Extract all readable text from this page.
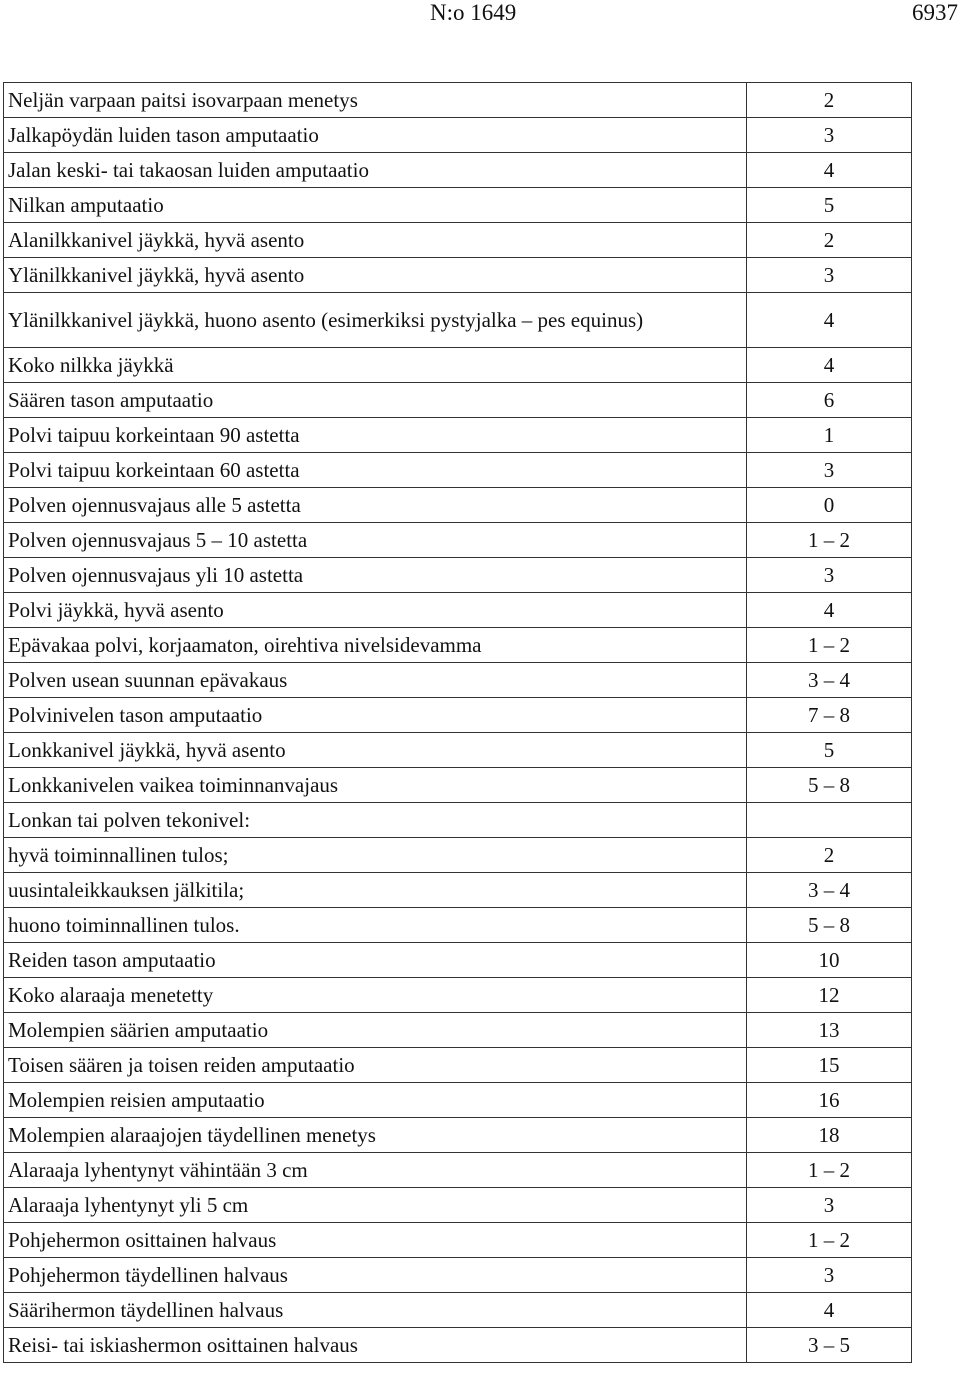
N:o 1649	6937
Neljän varpaan paitsi isovarpaan menetys	2
Jalkapöydän luiden tason amputaatio	3
Jalan keski- tai takaosan luiden amputaatio	4
Nilkan amputaatio	5
Alanilkkanivel jäykkä, hyvä asento	2
Ylänilkkanivel jäykkä, hyvä asento	3
Ylänilkkanivel jäykkä, huono asento (esimerkiksi pystyjalka – pes equinus)	4
Koko nilkka jäykkä	4
Säären tason amputaatio	6
Polvi taipuu korkeintaan 90 astetta	1
Polvi taipuu korkeintaan 60 astetta	3
Polven ojennusvajaus alle 5 astetta	0
Polven ojennusvajaus 5 – 10 astetta	1 – 2
Polven ojennusvajaus yli 10 astetta	3
Polvi jäykkä, hyvä asento	4
Epävakaa polvi, korjaamaton, oirehtiva nivelsidevamma	1 – 2
Polven usean suunnan epävakaus	3 – 4
Polvinivelen tason amputaatio	7 – 8
Lonkkanivel jäykkä, hyvä asento	5
Lonkkanivelen vaikea toiminnanvajaus	5 – 8
Lonkan tai polven tekonivel:	
hyvä toiminnallinen tulos;	2
uusintaleikkauksen jälkitila;	3 – 4
huono toiminnallinen tulos.	5 – 8
Reiden tason amputaatio	10
Koko alaraaja menetetty	12
Molempien säärien amputaatio	13
Toisen säären ja toisen reiden amputaatio	15
Molempien reisien amputaatio	16
Molempien alaraajojen täydellinen menetys	18
Alaraaja lyhentynyt vähintään 3 cm	1 – 2
Alaraaja lyhentynyt yli 5 cm	3
Pohjehermon osittainen halvaus	1 – 2
Pohjehermon täydellinen halvaus	3
Säärihermon täydellinen halvaus	4
Reisi- tai iskiashermon osittainen halvaus	3 – 5
